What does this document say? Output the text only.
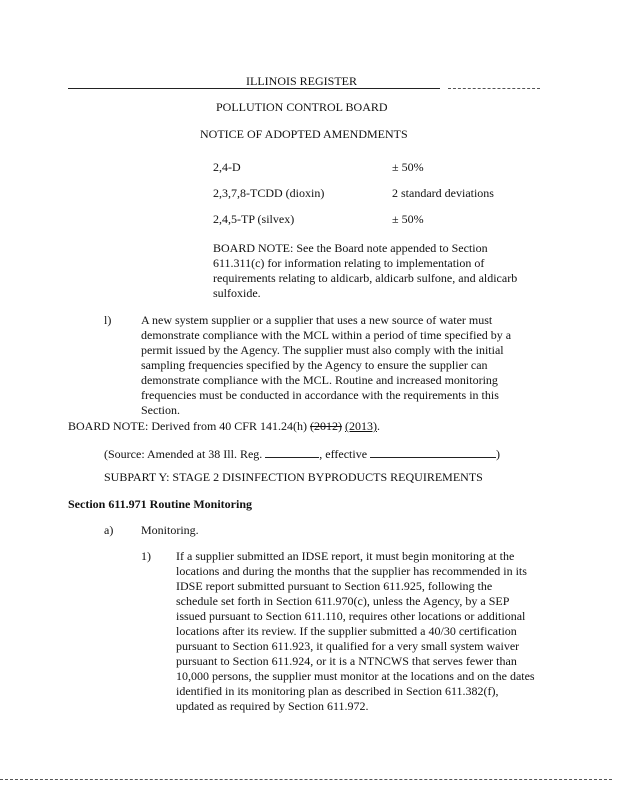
ILLINOIS REGISTER
POLLUTION CONTROL BOARD
NOTICE OF ADOPTED AMENDMENTS
2,4-D	± 50%
2,3,7,8-TCDD (dioxin)	2 standard deviations
2,4,5-TP (silvex)	± 50%
BOARD NOTE: See the Board note appended to Section
611.311(c) for information relating to implementation of
requirements relating to aldicarb, aldicarb sulfone, and aldicarb
sulfoxide.
l) A new system supplier or a supplier that uses a new source of water must
demonstrate compliance with the MCL within a period of time specified by a
permit issued by the Agency. The supplier must also comply with the initial
sampling frequencies specified by the Agency to ensure the supplier can
demonstrate compliance with the MCL. Routine and increased monitoring
frequencies must be conducted in accordance with the requirements in this
Section.
BOARD NOTE: Derived from 40 CFR 141.24(h) (2012) (2013).
(Source: Amended at 38 Ill. Reg.	, effective	)
SUBPART Y: STAGE 2 DISINFECTION BYPRODUCTS REQUIREMENTS
Section 611.971 Routine Monitoring
a) Monitoring.
1) If a supplier submitted an IDSE report, it must begin monitoring at the
locations and during the months that the supplier has recommended in its
IDSE report submitted pursuant to Section 611.925, following the
schedule set forth in Section 611.970(c), unless the Agency, by a SEP
issued pursuant to Section 611.110, requires other locations or additional
locations after its review. If the supplier submitted a 40/30 certification
pursuant to Section 611.923, it qualified for a very small system waiver
pursuant to Section 611.924, or it is a NTNCWS that serves fewer than
10,000 persons, the supplier must monitor at the locations and on the dates
identified in its monitoring plan as described in Section 611.382(f),
updated as required by Section 611.972.
